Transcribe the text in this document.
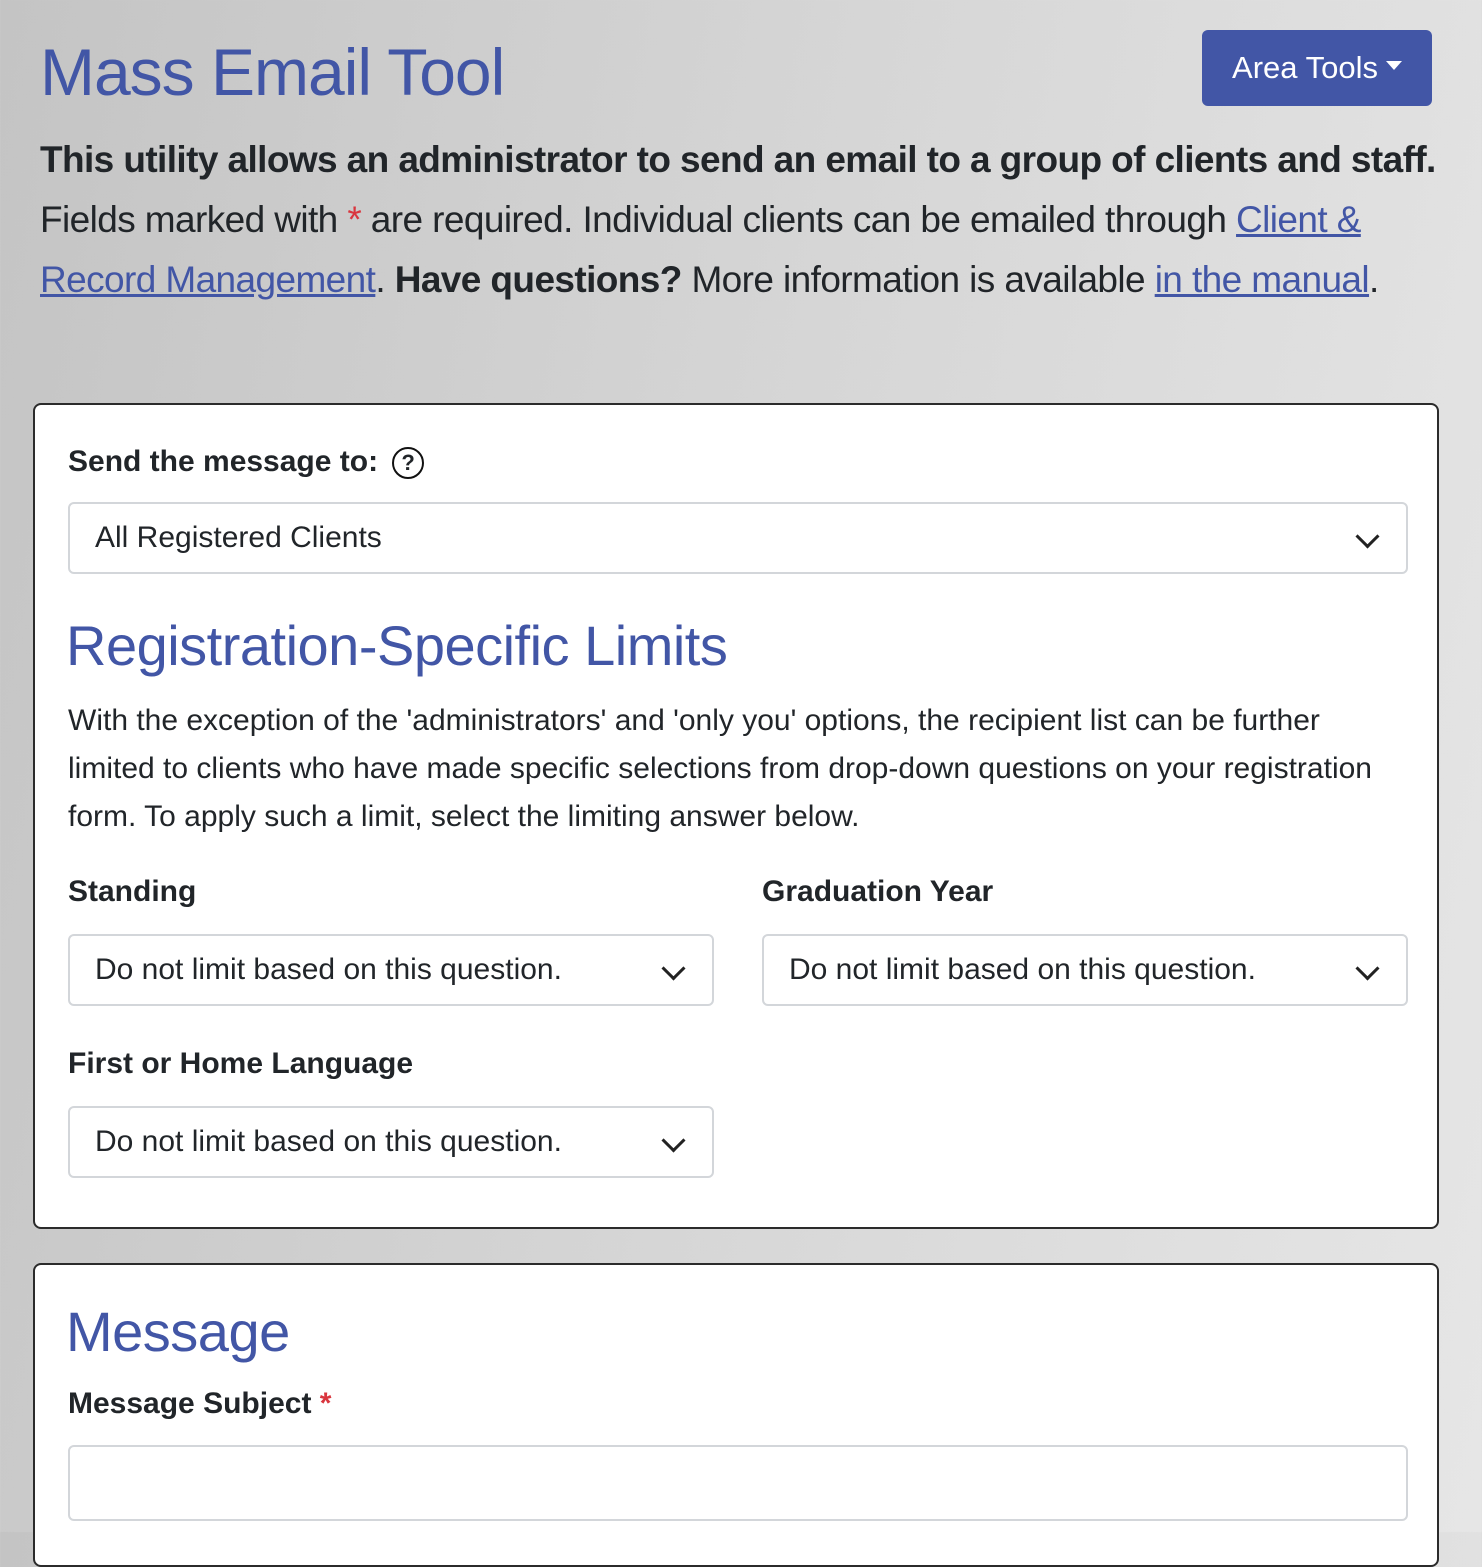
Mass Email Tool	Area Tools

This utility allows an administrator to send an email to a group of clients and staff. Fields marked with * are required. Individual clients can be emailed through Client & Record Management. Have questions? More information is available in the manual.

Send the message to: ?

All Registered Clients
Registration-Specific Limits

With the exception of the 'administrators' and 'only you' options, the recipient list can be further limited to clients who have made specific selections from drop-down questions on your registration form. To apply such a limit, select the limiting answer below.

Standing

Do not limit based on this question.

Graduation Year

Do not limit based on this question.

First or Home Language

Do not limit based on this question.
Message

Message Subject *
